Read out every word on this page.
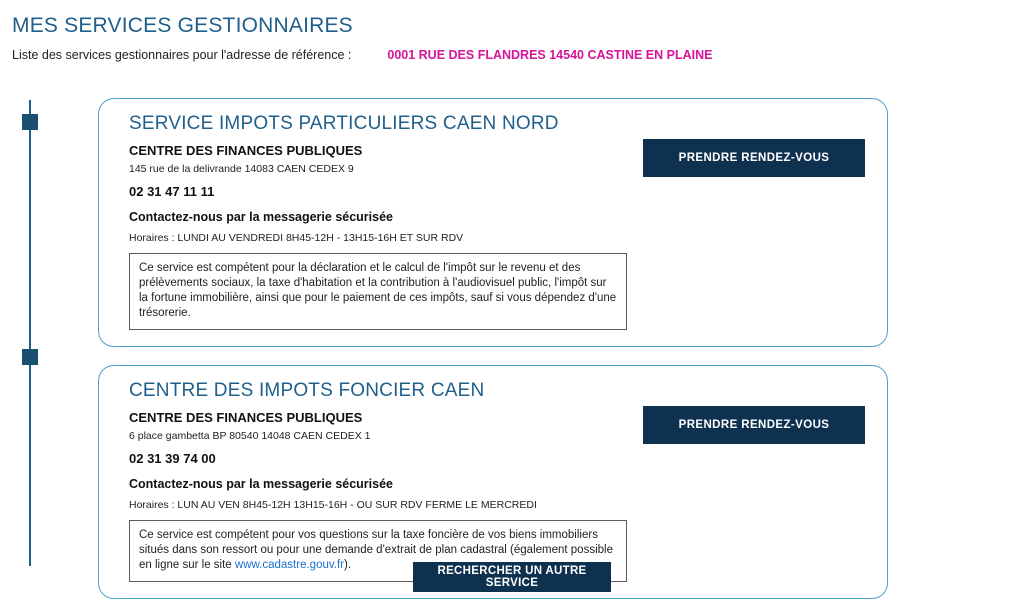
MES SERVICES GESTIONNAIRES
Liste des services gestionnaires pour l'adresse de référence :	0001 RUE DES FLANDRES 14540 CASTINE EN PLAINE
SERVICE IMPOTS PARTICULIERS CAEN NORD
CENTRE DES FINANCES PUBLIQUES
145 rue de la delivrande 14083 CAEN CEDEX 9
02 31 47 11 11
Contactez-nous par la messagerie sécurisée
Horaires : LUNDI AU VENDREDI 8H45-12H - 13H15-16H ET SUR RDV
Ce service est compétent pour la déclaration et le calcul de l'impôt sur le revenu et des prélèvements sociaux, la taxe d'habitation et la contribution à l'audiovisuel public, l'impôt sur la fortune immobilière, ainsi que pour le paiement de ces impôts, sauf si vous dépendez d'une trésorerie.
PRENDRE RENDEZ-VOUS
CENTRE DES IMPOTS FONCIER CAEN
CENTRE DES FINANCES PUBLIQUES
6 place gambetta BP 80540 14048 CAEN CEDEX 1
02 31 39 74 00
Contactez-nous par la messagerie sécurisée
Horaires : LUN AU VEN 8H45-12H 13H15-16H - OU SUR RDV FERME LE MERCREDI
Ce service est compétent pour vos questions sur la taxe foncière de vos biens immobiliers situés dans son ressort ou pour une demande d'extrait de plan cadastral (également possible en ligne sur le site www.cadastre.gouv.fr).
PRENDRE RENDEZ-VOUS
RECHERCHER UN AUTRE SERVICE
